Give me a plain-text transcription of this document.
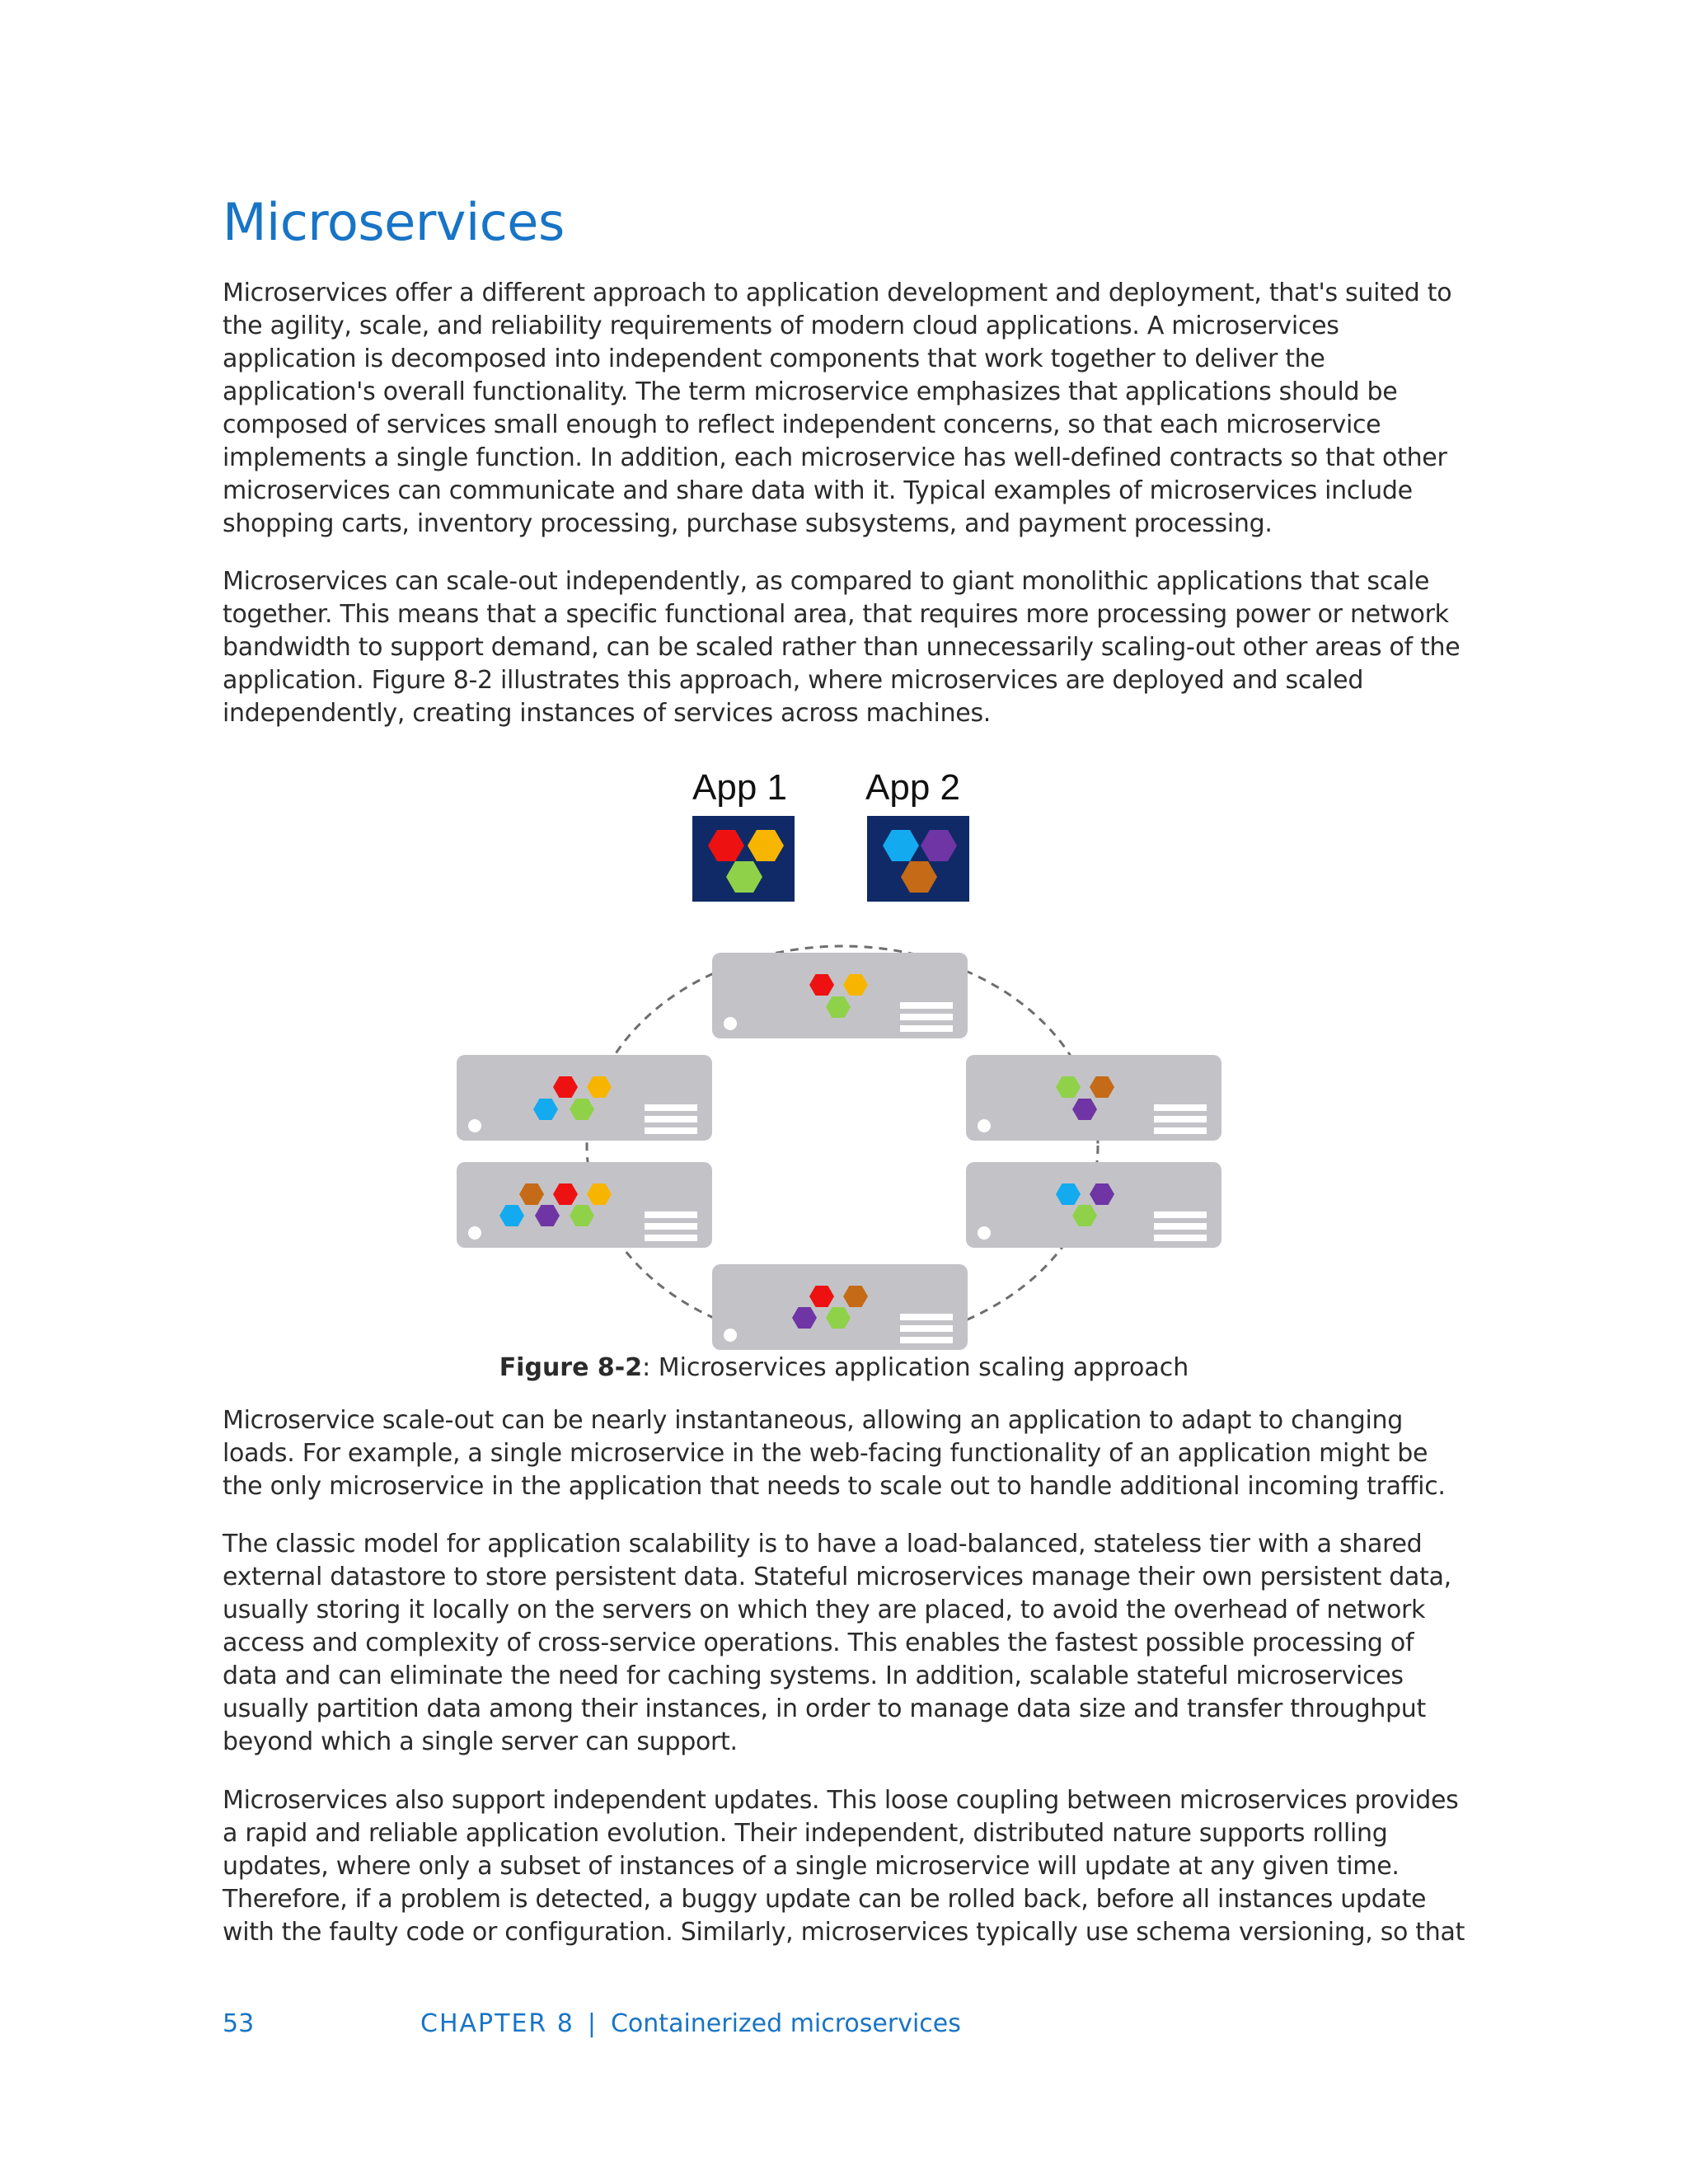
Microservices

Microservices offer a different approach to application development and deployment, that's suited to the agility, scale, and reliability requirements of modern cloud applications. A microservices application is decomposed into independent components that work together to deliver the application's overall functionality. The term microservice emphasizes that applications should be composed of services small enough to reflect independent concerns, so that each microservice implements a single function. In addition, each microservice has well-defined contracts so that other microservices can communicate and share data with it. Typical examples of microservices include shopping carts, inventory processing, purchase subsystems, and payment processing.

Microservices can scale-out independently, as compared to giant monolithic applications that scale together. This means that a specific functional area, that requires more processing power or network bandwidth to support demand, can be scaled rather than unnecessarily scaling-out other areas of the application. Figure 8-2 illustrates this approach, where microservices are deployed and scaled independently, creating instances of services across machines.

App 1 App 2

Figure 8-2: Microservices application scaling approach

Microservice scale-out can be nearly instantaneous, allowing an application to adapt to changing loads. For example, a single microservice in the web-facing functionality of an application might be the only microservice in the application that needs to scale out to handle additional incoming traffic.

The classic model for application scalability is to have a load-balanced, stateless tier with a shared external datastore to store persistent data. Stateful microservices manage their own persistent data, usually storing it locally on the servers on which they are placed, to avoid the overhead of network access and complexity of cross-service operations. This enables the fastest possible processing of data and can eliminate the need for caching systems. In addition, scalable stateful microservices usually partition data among their instances, in order to manage data size and transfer throughput beyond which a single server can support.

Microservices also support independent updates. This loose coupling between microservices provides a rapid and reliable application evolution. Their independent, distributed nature supports rolling updates, where only a subset of instances of a single microservice will update at any given time. Therefore, if a problem is detected, a buggy update can be rolled back, before all instances update with the faulty code or configuration. Similarly, microservices typically use schema versioning, so that

53	CHAPTER 8 | Containerized microservices
